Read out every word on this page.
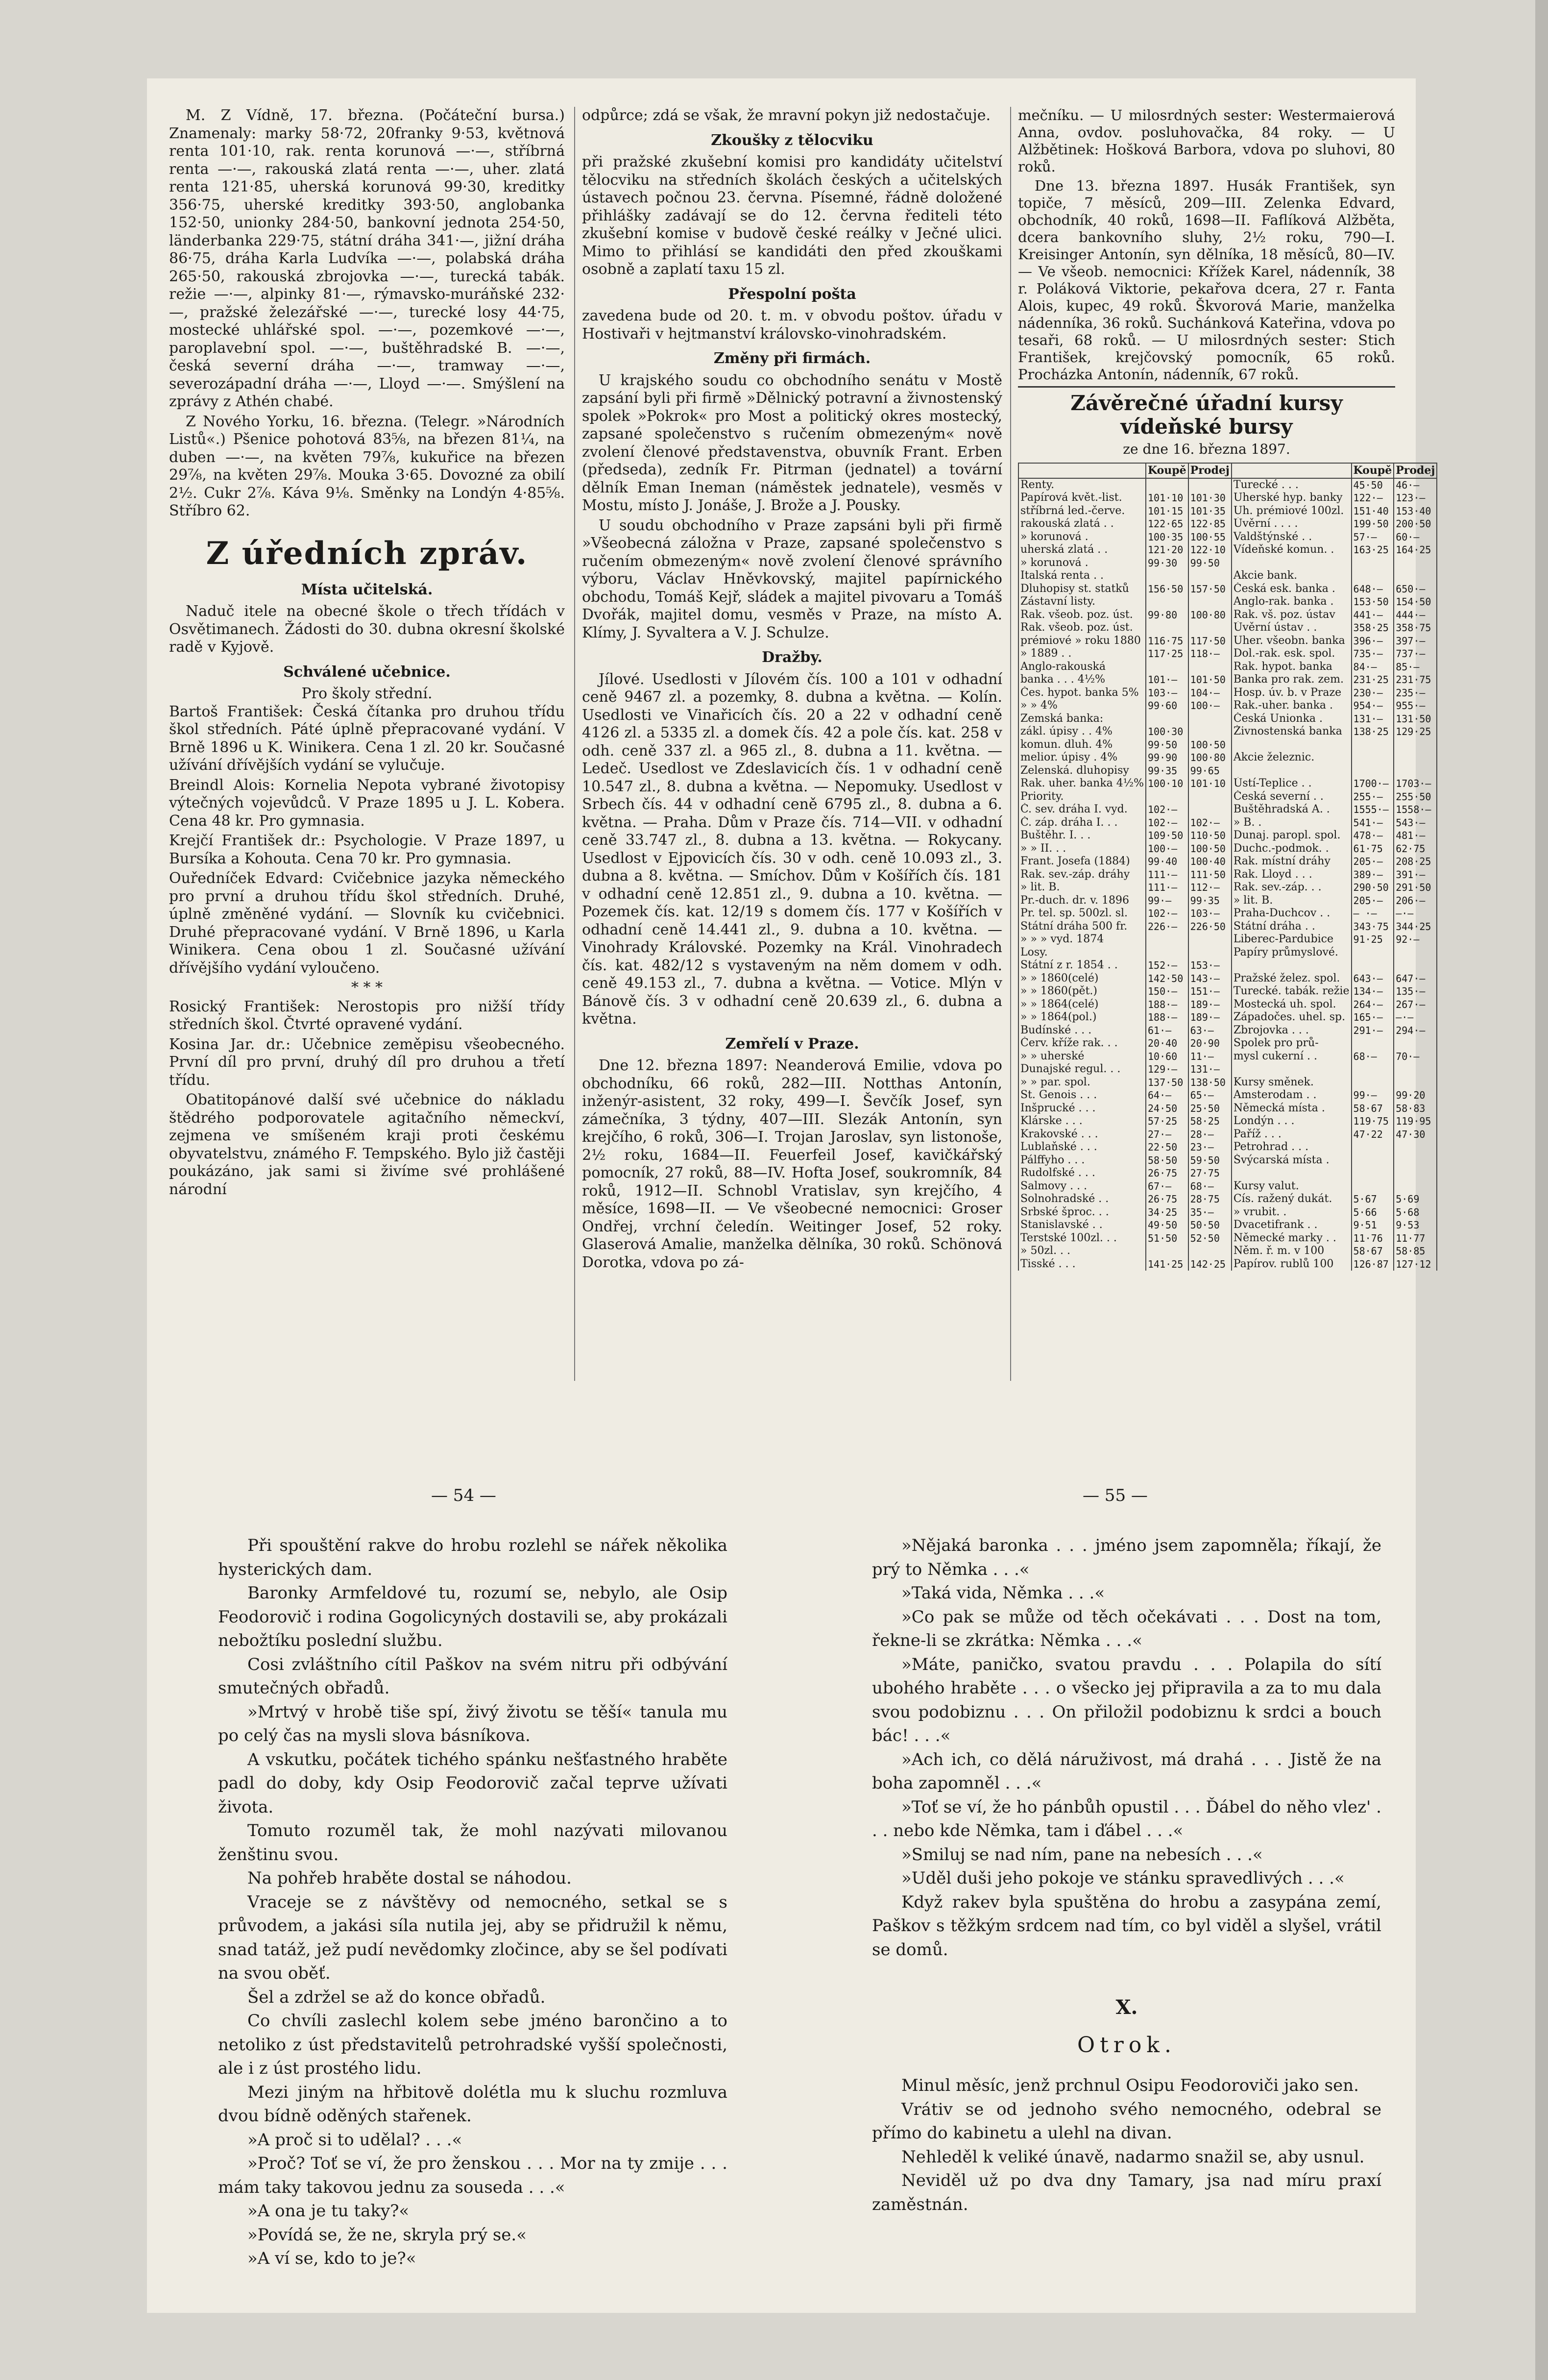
M. Z Vídně, 17. března. (Počáteční bursa.) Znamenaly: marky 58·72, 20franky 9·53, květnová renta 101·10, rak. renta korunová —·—, stříbrná renta —·—, rakouská zlatá renta —·—, uher. zlatá renta 121·85, uherská korunová 99·30, kreditky 356·75, uherské kreditky 393·50, anglobanka 152·50, unionky 284·50, bankovní jednota 254·50, länderbanka 229·75, státní dráha 341·—, jižní dráha 86·75, dráha Karla Ludvíka —·—, polabská dráha 265·50, rakouská zbrojovka —·—, turecká tabák. režie —·—, alpinky 81·—, rýmavsko-muráňské 232·—, pražské železářské —·—, turecké losy 44·75, mostecké uhlářské spol. —·—, pozemkové —·—, paroplavební spol. —·—, buštěhradské B. —·—, česká severní dráha —·—, tramway —·—, severozápadní dráha —·—, Lloyd —·—. Smýšlení na zprávy z Athén chabé.

Z Nového Yorku, 16. března. (Telegr. »Národních Listů«.) Pšenice pohotová 83⅝, na březen 81¼, na duben —·—, na květen 79⅞, kukuřice na březen 29⅞, na květen 29⅞. Mouka 3·65. Dovozné za obilí 2½. Cukr 2⅞. Káva 9⅛. Směnky na Londýn 4·85⅝. Stříbro 62.

Z úředních zpráv.
Místa učitelská.

Naduč itele na obecné škole o třech třídách v Osvětimanech. Žádosti do 30. dubna okresní školské radě v Kyjově.

Schválené učebnice.
Pro školy střední.

Bartoš František: Česká čítanka pro druhou třídu škol středních. Páté úplně přepracované vydání. V Brně 1896 u K. Winikera. Cena 1 zl. 20 kr. Současné užívání dřívějších vydání se vylučuje.

Breindl Alois: Kornelia Nepota vybrané životopisy výtečných vojevůdců. V Praze 1895 u J. L. Kobera. Cena 48 kr. Pro gymnasia.

Krejčí František dr.: Psychologie. V Praze 1897, u Bursíka a Kohouta. Cena 70 kr. Pro gymnasia.

Ouředníček Edvard: Cvičebnice jazyka německého pro první a druhou třídu škol středních. Druhé, úplně změněné vydání. — Slovník ku cvičebnici. Druhé přepracované vydání. V Brně 1896, u Karla Winikera. Cena obou 1 zl. Současné užívání dřívějšího vydání vyloučeno.

* * *

Rosický František: Nerostopis pro nižší třídy středních škol. Čtvrté opravené vydání.

Kosina Jar. dr.: Učebnice zeměpisu všeobecného. První díl pro první, druhý díl pro druhou a třetí třídu.

Obatitopánové další své učebnice do nákladu štědrého podporovatele agitačního německví, zejmena ve smíšeném kraji proti českému obyvatelstvu, známého F. Tempského. Bylo již častěji poukázáno, jak sami si živíme své prohlášené národní

odpůrce; zdá se však, že mravní pokyn již nedostačuje.

Zkoušky z tělocviku

při pražské zkušební komisi pro kandidáty učitelství tělocviku na středních školách českých a učitelských ústavech počnou 23. června. Písemné, řádně doložené přihlášky zadávají se do 12. června řediteli této zkušební komise v budově české reálky v Ječné ulici. Mimo to přihlásí se kandidáti den před zkouškami osobně a zaplatí taxu 15 zl.

Přespolní pošta

zavedena bude od 20. t. m. v obvodu poštov. úřadu v Hostivaři v hejtmanství královsko-vinohradském.

Změny při firmách.

U krajského soudu co obchodního senátu v Mostě zapsání byli při firmě »Dělnický potravní a živnostenský spolek »Pokrok« pro Most a politický okres mostecký, zapsané společenstvo s ručením obmezeným« nově zvolení členové představenstva, obuvník Frant. Erben (předseda), zedník Fr. Pitrman (jednatel) a tovární dělník Eman Ineman (náměstek jednatele), vesměs v Mostu, místo J. Jonáše, J. Brože a J. Pousky.

U soudu obchodního v Praze zapsáni byli při firmě »Všeobecná záložna v Praze, zapsané společenstvo s ručením obmezeným« nově zvolení členové správního výboru, Václav Hněvkovský, majitel papírnického obchodu, Tomáš Kejř, sládek a majitel pivovaru a Tomáš Dvořák, majitel domu, vesměs v Praze, na místo A. Klímy, J. Syvaltera a V. J. Schulze.

Dražby.

Jílové. Usedlosti v Jílovém čís. 100 a 101 v odhadní ceně 9467 zl. a pozemky, 8. dubna a května. — Kolín. Usedlosti ve Vinařicích čís. 20 a 22 v odhadní ceně 4126 zl. a 5335 zl. a domek čís. 42 a pole čís. kat. 258 v odh. ceně 337 zl. a 965 zl., 8. dubna a 11. května. — Ledeč. Usedlost ve Zdeslavicích čís. 1 v odhadní ceně 10.547 zl., 8. dubna a května. — Nepomuky. Usedlost v Srbech čís. 44 v odhadní ceně 6795 zl., 8. dubna a 6. května. — Praha. Dům v Praze čís. 714—VII. v odhadní ceně 33.747 zl., 8. dubna a 13. května. — Rokycany. Usedlost v Ejpovicích čís. 30 v odh. ceně 10.093 zl., 3. dubna a 8. května. — Smíchov. Dům v Košířích čís. 181 v odhadní ceně 12.851 zl., 9. dubna a 10. května. — Pozemek čís. kat. 12/19 s domem čís. 177 v Košířích v odhadní ceně 14.441 zl., 9. dubna a 10. května. — Vinohrady Královské. Pozemky na Král. Vinohradech čís. kat. 482/12 s vystaveným na něm domem v odh. ceně 49.153 zl., 7. dubna a května. — Votice. Mlýn v Bánově čís. 3 v odhadní ceně 20.639 zl., 6. dubna a května.

Zemřelí v Praze.

Dne 12. března 1897: Neanderová Emilie, vdova po obchodníku, 66 roků, 282—III. Notthas Antonín, inženýr-asistent, 32 roky, 499—I. Ševčík Josef, syn zámečníka, 3 týdny, 407—III. Slezák Antonín, syn krejčího, 6 roků, 306—I. Trojan Jaroslav, syn listonoše, 2½ roku, 1684—II. Feuerfeil Josef, kavičkářský pomocník, 27 roků, 88—IV. Hofta Josef, soukromník, 84 roků, 1912—II. Schnobl Vratislav, syn krejčího, 4 měsíce, 1698—II. — Ve všeobecné nemocnici: Groser Ondřej, vrchní čeledín. Weitinger Josef, 52 roky. Glaserová Amalie, manželka dělníka, 30 roků. Schönová Dorotka, vdova po zá-

mečníku. — U milosrdných sester: Westermaierová Anna, ovdov. posluhovačka, 84 roky. — U Alžbětinek: Hošková Barbora, vdova po sluhovi, 80 roků.

Dne 13. března 1897. Husák František, syn topiče, 7 měsíců, 209—III. Zelenka Edvard, obchodník, 40 roků, 1698—II. Faflíková Alžběta, dcera bankovního sluhy, 2½ roku, 790—I. Kreisinger Antonín, syn dělníka, 18 měsíců, 80—IV. — Ve všeob. nemocnici: Křížek Karel, nádenník, 38 r. Poláková Viktorie, pekařova dcera, 27 r. Fanta Alois, kupec, 49 roků. Škvorová Marie, manželka nádenníka, 36 roků. Suchánková Kateřina, vdova po tesaři, 68 roků. — U milosrdných sester: Stich František, krejčovský pomocník, 65 roků. Procházka Antonín, nádenník, 67 roků.

Závěrečné úřadní kursy vídeňské bursy
ze dne 16. března 1897.
	Koupě	Prodej		Koupě	Prodej
Renty.			Turecké . . .	45·50	46·—
Papírová květ.-list.	101·10	101·30	Uherské hyp. banky	122·—	123·—
stříbrná led.-červe.	101·15	101·35	Uh. prémiové 100zl.	151·40	153·40
rakouská zlatá . .	122·65	122·85	Úvěrní . . . .	199·50	200·50
» korunová .	100·35	100·55	Valdštýnské . .	57·—	60·—
uherská zlatá . .	121·20	122·10	Vídeňské komun. .	163·25	164·25
» korunová .	99·30	99·50			
Italská renta . .			Akcie bank.		
Dluhopisy st. statků	156·50	157·50	Česká esk. banka .	648·—	650·—
Zástavní listy.			Anglo-rak. banka .	153·50	154·50
Rak. všeob. poz. úst.	99·80	100·80	Rak. vš. poz. ústav	441·—	444·—
Rak. všeob. poz. úst.			Úvěrní ústav . .	358·25	358·75
prémiové » roku 1880	116·75	117·50	Uher. všeobn. banka	396·—	397·—
» 1889 . .	117·25	118·—	Dol.-rak. esk. spol.	735·—	737·—
Anglo-rakouská			Rak. hypot. banka	84·—	85·—
banka . . . 4½%	101·—	101·50	Banka pro rak. zem.	231·25	231·75
Čes. hypot. banka 5%	103·—	104·—	Hosp. úv. b. v Praze	230·—	235·—
» » 4%	99·60	100·—	Rak.-uher. banka .	954·—	955·—
Zemská banka:			Česká Unionka .	131·—	131·50
zákl. úpisy . . 4%	100·30		Živnostenská banka	138·25	129·25
komun. dluh. 4%	99·50	100·50			
melior. úpisy . 4%	99·90	100·80	Akcie železnic.		
Zelenská. dluhopisy	99·35	99·65			
Rak. uher. banka 4½%	100·10	101·10	Ústí-Teplice . .	1700·—	1703·—
Priority.			Česká severní . .	255·—	255·50
Č. sev. dráha I. vyd.	102·—		Buštěhradská A. .	1555·—	1558·—
Č. záp. dráha I. . .	102·—	102·—	» B. .	541·—	543·—
Buštěhr. I. . .	109·50	110·50	Dunaj. paropl. spol.	478·—	481·—
» » II. . .	100·—	100·50	Duchc.-podmok. .	61·75	62·75
Frant. Josefa (1884)	99·40	100·40	Rak. místní dráhy	205·—	208·25
Rak. sev.-záp. dráhy	111·—	111·50	Rak. Lloyd . . .	389·—	391·—
» lit. B.	111·—	112·—	Rak. sev.-záp. . .	290·50	291·50
Pr.-duch. dr. v. 1896	99·—	99·35	» lit. B.	205·—	206·—
Pr. tel. sp. 500zl. sl.	102·—	103·—	Praha-Duchcov . .	— ·—	—·—
Státní dráha 500 fr.	226·—	226·50	Státní dráha . .	343·75	344·25
» » » vyd. 1874			Liberec-Pardubice	91·25	92·—
Losy.			Papíry průmyslové.		
Státní z r. 1854 . .	152·—	153·—			
» » 1860(celé)	142·50	143·—	Pražské želez. spol.	643·—	647·—
» » 1860(pět.)	150·—	151·—	Turecké. tabák. režie	134·—	135·—
» » 1864(celé)	188·—	189·—	Mostecká uh. spol.	264·—	267·—
» » 1864(pol.)	188·—	189·—	Západočes. uhel. sp.	165·—	—·—
Budínské . . .	61·—	63·—	Zbrojovka . . .	291·—	294·—
Červ. kříže rak. . .	20·40	20·90	Spolek pro prů-		
» » uherské	10·60	11·—	mysl cukerní . .	68·—	70·—
Dunajské regul. . .	129·—	131·—			
» » par. spol.	137·50	138·50	Kursy směnek.		
St. Genois . . .	64·—	65·—	Amsterodam . .	99·—	99·20
Inšprucké . . .	24·50	25·50	Německá místa .	58·67	58·83
Klárske . . .	57·25	58·25	Londýn . . .	119·75	119·95
Krakovské . . .	27·—	28·—	Paříž . . .	47·22	47·30
Lublaňské . . .	22·50	23·—	Petrohrad . . .		
Pálffyho . . .	58·50	59·50	Švýcarská místa .		
Rudolfské . . .	26·75	27·75			
Salmovy . . .	67·—	68·—	Kursy valut.		
Solnohradské . .	26·75	28·75	Cís. ražený dukát.	5·67	5·69
Srbské šproc. . .	34·25	35·—	» vrubit. .	5·66	5·68
Stanislavské . .	49·50	50·50	Dvacetifrank . .	9·51	9·53
Terstské 100zl. . .	51·50	52·50	Německé marky . .	11·76	11·77
» 50zl. . .			Něm. ř. m. v 100	58·67	58·85
Tisské . . .	141·25	142·25	Papírov. rublů 100	126·87	127·12
— 54 —	— 55 —

Při spouštění rakve do hrobu rozlehl se nářek několika hysterických dam.

Baronky Armfeldové tu, rozumí se, nebylo, ale Osip Feodorovič i rodina Gogolicyných dostavili se, aby prokázali nebožtíku poslední službu.

Cosi zvláštního cítil Paškov na svém nitru při odbývání smutečných obřadů.

»Mrtvý v hrobě tiše spí, živý životu se těší« tanula mu po celý čas na mysli slova básníkova.

A vskutku, počátek tichého spánku nešťastného hraběte padl do doby, kdy Osip Feodorovič začal teprve užívati života.

Tomuto rozuměl tak, že mohl nazývati milovanou ženštinu svou.

Na pohřeb hraběte dostal se náhodou.

Vraceje se z návštěvy od nemocného, setkal se s průvodem, a jakási síla nutila jej, aby se přidružil k němu, snad tatáž, jež pudí nevědomky zločince, aby se šel podívati na svou oběť.

Šel a zdržel se až do konce obřadů.

Co chvíli zaslechl kolem sebe jméno barončino a to netoliko z úst představitelů petrohradské vyšší společnosti, ale i z úst prostého lidu.

Mezi jiným na hřbitově dolétla mu k sluchu rozmluva dvou bídně oděných stařenek.

»A proč si to udělal? . . .«

»Proč? Toť se ví, že pro ženskou . . . Mor na ty zmije . . . mám taky takovou jednu za souseda . . .«

»A ona je tu taky?«

»Povídá se, že ne, skryla prý se.«

»A ví se, kdo to je?«

»Nějaká baronka . . . jméno jsem zapomněla; říkají, že prý to Němka . . .«

»Taká vida, Němka . . .«

»Co pak se může od těch očekávati . . . Dost na tom, řekne-li se zkrátka: Němka . . .«

»Máte, paničko, svatou pravdu . . . Polapila do sítí ubohého hraběte . . . o všecko jej připravila a za to mu dala svou podobiznu . . . On přiložil podobiznu k srdci a bouch bác! . . .«

»Ach ich, co dělá náruživost, má drahá . . . Jistě že na boha zapomněl . . .«

»Toť se ví, že ho pánbůh opustil . . . Ďábel do něho vlez' . . . nebo kde Němka, tam i ďábel . . .«

»Smiluj se nad ním, pane na nebesích . . .«

»Uděl duši jeho pokoje ve stánku spravedlivých . . .«

Když rakev byla spuštěna do hrobu a zasypána zemí, Paškov s těžkým srdcem nad tím, co byl viděl a slyšel, vrátil se domů.

X.
Otrok.

Minul měsíc, jenž prchnul Osipu Feodoroviči jako sen.

Vrátiv se od jednoho svého nemocného, odebral se přímo do kabinetu a ulehl na divan.

Nehleděl k veliké únavě, nadarmo snažil se, aby usnul.

Neviděl už po dva dny Tamary, jsa nad míru praxí zaměstnán.
